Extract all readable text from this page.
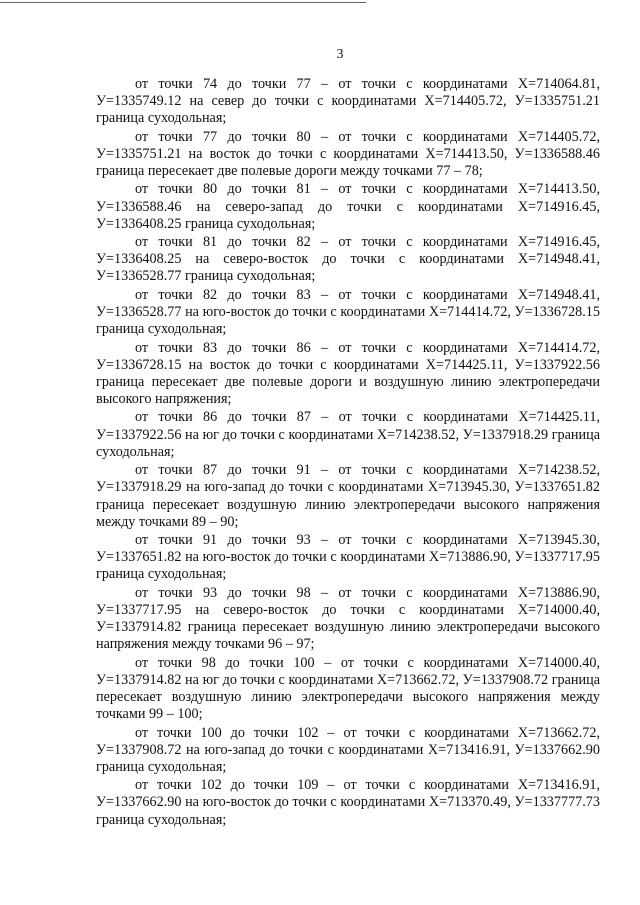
3

от точки 74 до точки 77 – от точки с координатами X=714064.81, У=1335749.12 на север до точки с координатами X=714405.72, У=1335751.21 граница суходольная;

от точки 77 до точки 80 – от точки с координатами X=714405.72, У=1335751.21 на восток до точки с координатами X=714413.50, У=1336588.46 граница пересекает две полевые дороги между точками 77 – 78;

от точки 80 до точки 81 – от точки с координатами X=714413.50, У=1336588.46 на северо-запад до точки с координатами X=714916.45, У=1336408.25 граница суходольная;

от точки 81 до точки 82 – от точки с координатами X=714916.45, У=1336408.25 на северо-восток до точки с координатами X=714948.41, У=1336528.77 граница суходольная;

от точки 82 до точки 83 – от точки с координатами X=714948.41, У=1336528.77 на юго-восток до точки с координатами X=714414.72, У=1336728.15 граница суходольная;

от точки 83 до точки 86 – от точки с координатами X=714414.72, У=1336728.15 на восток до точки с координатами X=714425.11, У=1337922.56 граница пересекает две полевые дороги и воздушную линию электропередачи высокого напряжения;

от точки 86 до точки 87 – от точки с координатами X=714425.11, У=1337922.56 на юг до точки с координатами X=714238.52, У=1337918.29 граница суходольная;

от точки 87 до точки 91 – от точки с координатами X=714238.52, У=1337918.29 на юго-запад до точки с координатами X=713945.30, У=1337651.82 граница пересекает воздушную линию электропередачи высокого напряжения между точками 89 – 90;

от точки 91 до точки 93 – от точки с координатами X=713945.30, У=1337651.82 на юго-восток до точки с координатами X=713886.90, У=1337717.95 граница суходольная;

от точки 93 до точки 98 – от точки с координатами X=713886.90, У=1337717.95 на северо-восток до точки с координатами X=714000.40, У=1337914.82 граница пересекает воздушную линию электропередачи высокого напряжения между точками 96 – 97;

от точки 98 до точки 100 – от точки с координатами X=714000.40, У=1337914.82 на юг до точки с координатами X=713662.72, У=1337908.72 граница пересекает воздушную линию электропередачи высокого напряжения между точками 99 – 100;

от точки 100 до точки 102 – от точки с координатами X=713662.72, У=1337908.72 на юго-запад до точки с координатами X=713416.91, У=1337662.90 граница суходольная;

от точки 102 до точки 109 – от точки с координатами X=713416.91, У=1337662.90 на юго-восток до точки с координатами X=713370.49, У=1337777.73 граница суходольная;
